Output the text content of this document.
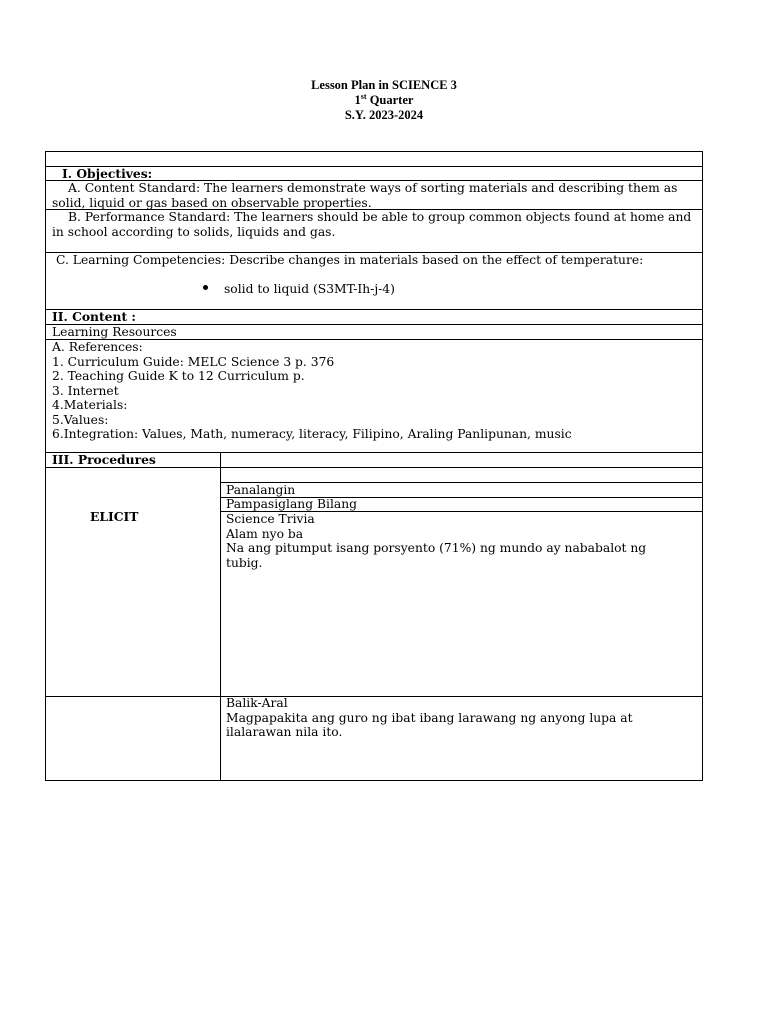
Lesson Plan in SCIENCE 3
1st Quarter
S.Y. 2023-2024
I. Objectives:
A. Content Standard: The learners demonstrate ways of sorting materials and describing them as solid, liquid or gas based on observable properties.
B. Performance Standard: The learners should be able to group common objects found at home and in school according to solids, liquids and gas.
C. Learning Competencies: Describe changes in materials based on the effect of temperature:
solid to liquid (S3MT-Ih-j-4)
II. Content :
Learning Resources
A. References:
1. Curriculum Guide: MELC Science 3 p. 376
2. Teaching Guide K to 12 Curriculum p.
3. Internet
4.Materials:
5.Values:
6.Integration: Values, Math, numeracy, literacy, Filipino, Araling Panlipunan, music
III. Procedures
ELICIT
Panalangin
Pampasiglang Bilang
Science Trivia
Alam nyo ba
Na ang pitumput isang porsyento (71%) ng mundo ay nababalot ng tubig.
Balik-Aral
Magpapakita ang guro ng ibat ibang larawang ng anyong lupa at ilalarawan nila ito.
